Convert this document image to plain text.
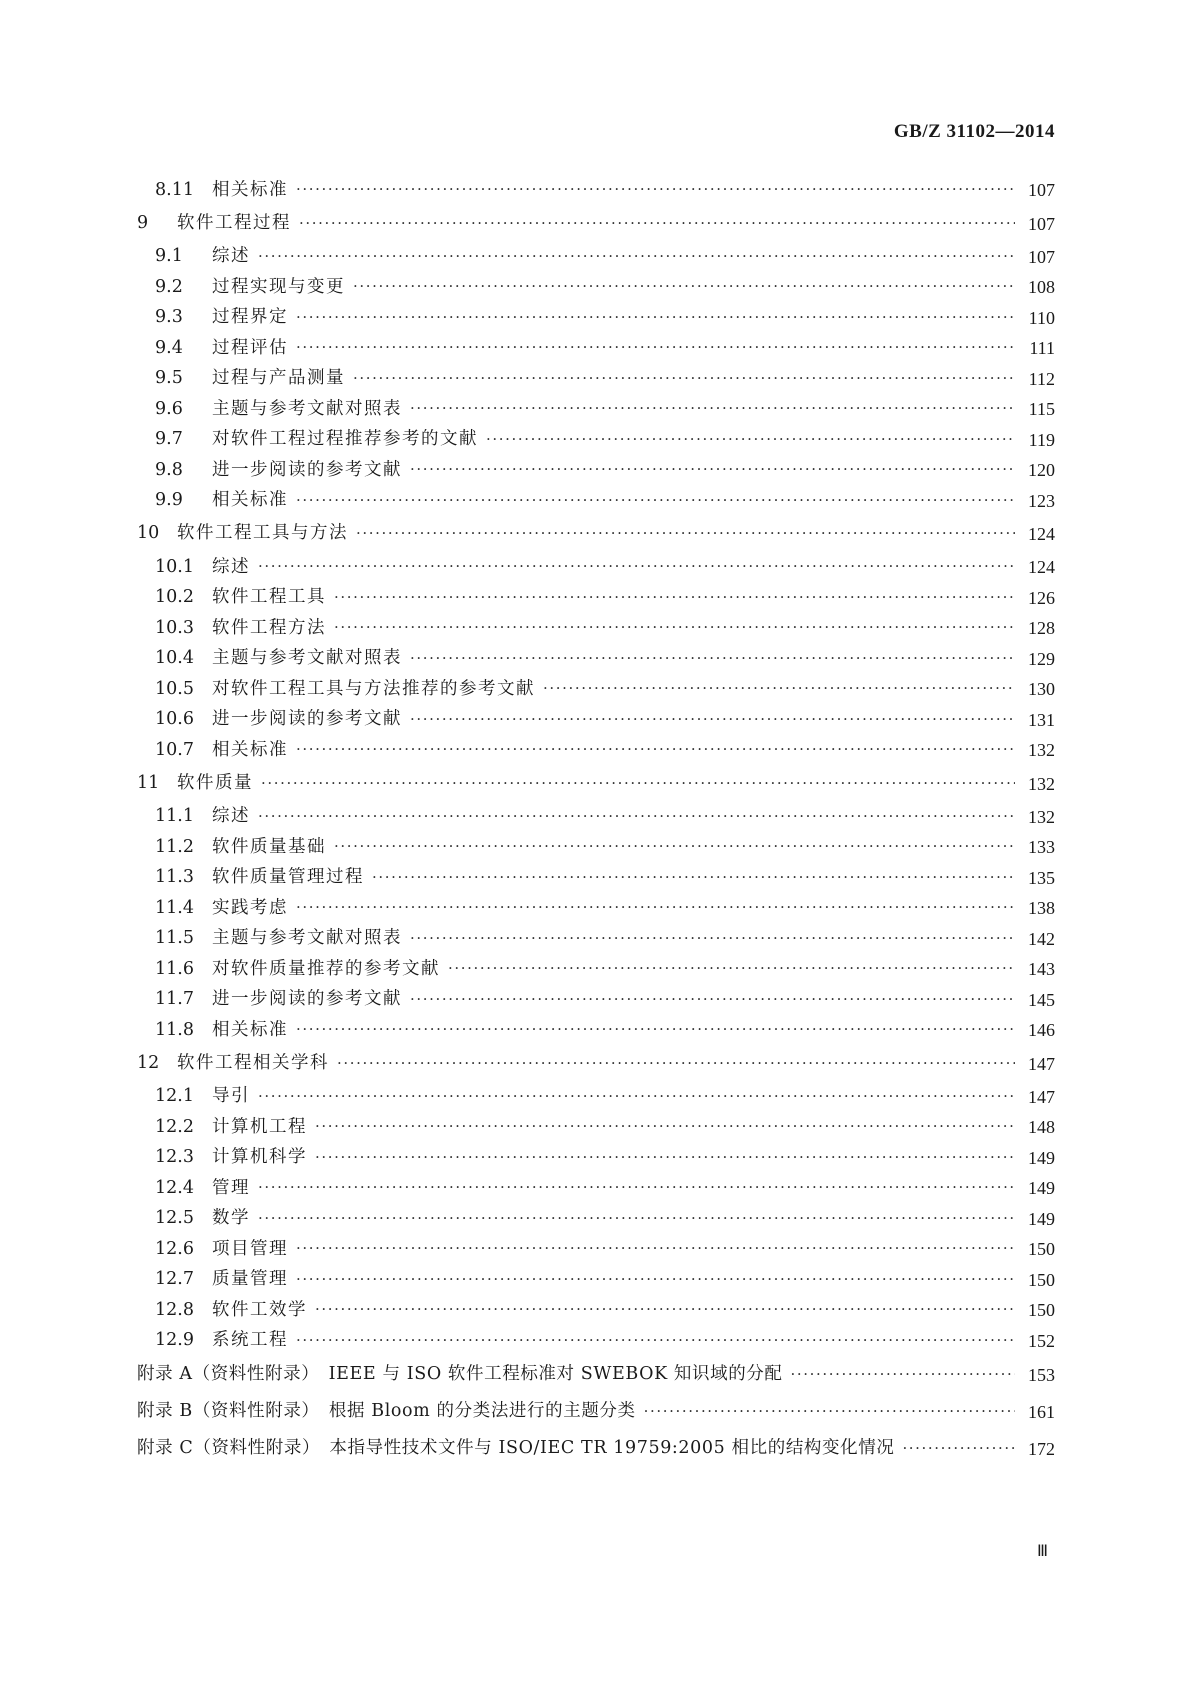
GB/Z 31102—2014
8.11	相关标准 ·····	107
9	软件工程过程 ·····	107
9.1	综述 ·····	107
9.2	过程实现与变更 ·····	108
9.3	过程界定 ·····	110
9.4	过程评估 ·····	111
9.5	过程与产品测量 ·····	112
9.6	主题与参考文献对照表 ·····	115
9.7	对软件工程过程推荐参考的文献 ·····	119
9.8	进一步阅读的参考文献 ·····	120
9.9	相关标准 ·····	123
10	软件工程工具与方法 ·····	124
10.1	综述 ·····	124
10.2	软件工程工具 ·····	126
10.3	软件工程方法 ·····	128
10.4	主题与参考文献对照表 ·····	129
10.5	对软件工程工具与方法推荐的参考文献 ·····	130
10.6	进一步阅读的参考文献 ·····	131
10.7	相关标准 ·····	132
11	软件质量 ·····	132
11.1	综述 ·····	132
11.2	软件质量基础 ·····	133
11.3	软件质量管理过程 ·····	135
11.4	实践考虑 ·····	138
11.5	主题与参考文献对照表 ·····	142
11.6	对软件质量推荐的参考文献 ·····	143
11.7	进一步阅读的参考文献 ·····	145
11.8	相关标准 ·····	146
12	软件工程相关学科 ·····	147
12.1	导引 ·····	147
12.2	计算机工程 ·····	148
12.3	计算机科学 ·····	149
12.4	管理 ·····	149
12.5	数学 ·····	149
12.6	项目管理 ·····	150
12.7	质量管理 ·····	150
12.8	软件工效学 ·····	150
12.9	系统工程 ·····	152
附录 A（资料性附录）　IEEE 与 ISO 软件工程标准对 SWEBOK 知识域的分配 ·····	153
附录 B（资料性附录）　根据 Bloom 的分类法进行的主题分类 ·····	161
附录 C（资料性附录）　本指导性技术文件与 ISO/IEC TR 19759:2005 相比的结构变化情况 ·····	172
Ⅲ
